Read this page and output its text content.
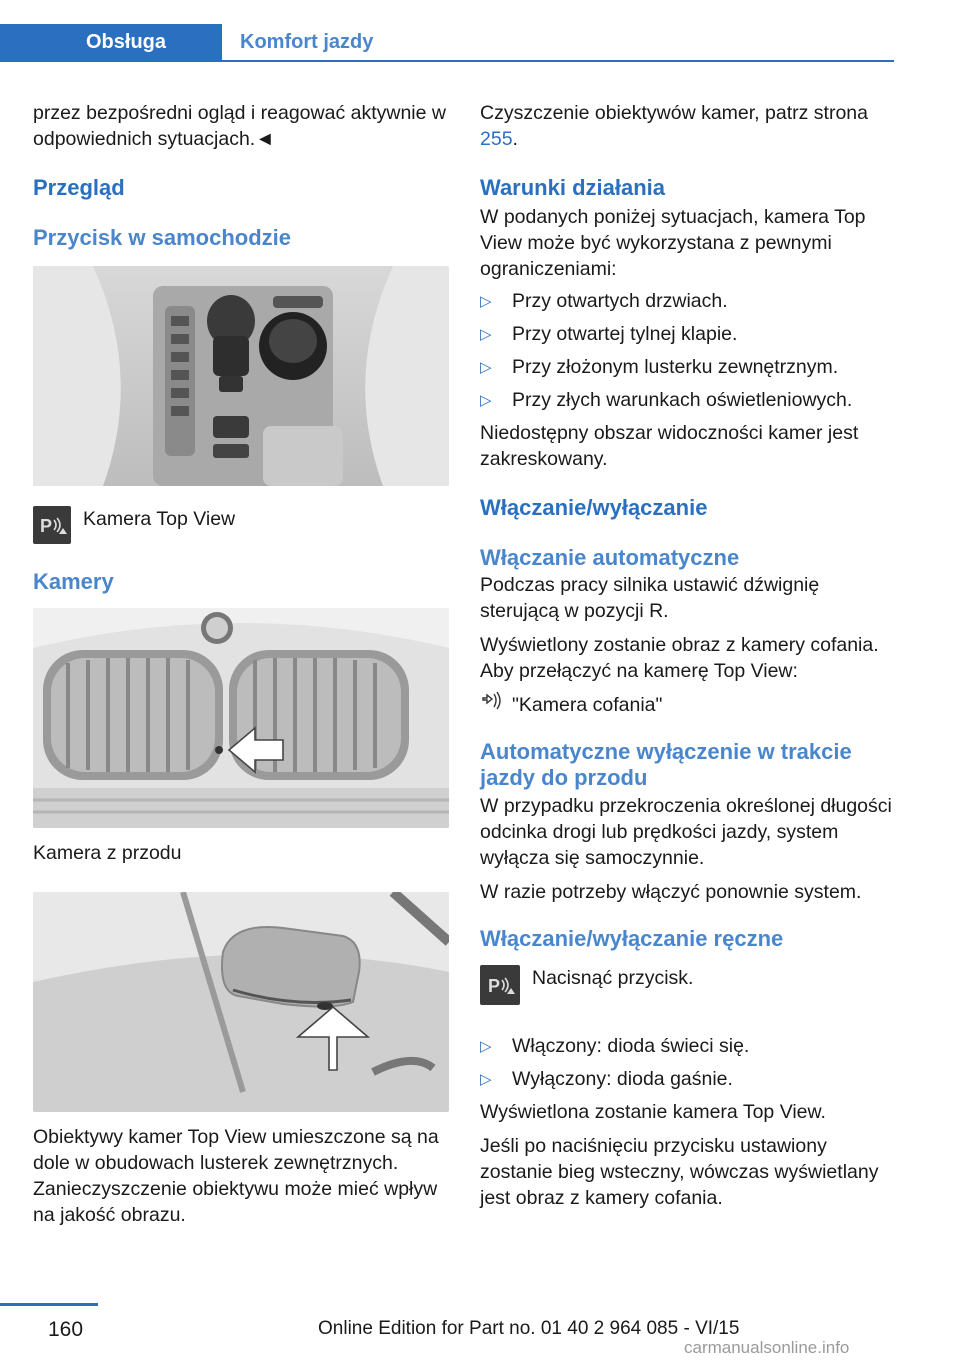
Obsługa	Komfort jazdy

przez bezpośredni ogląd i reagować aktywnie w odpowiednich sytuacjach.◄

Przegląd

Przycisk w samochodzie

P Kamera Top View

Kamery

Kamera z przodu

Obiektywy kamer Top View umieszczone są na dole w obudowach lusterek zewnętrznych. Zanieczyszczenie obiektywu może mieć wpływ na jakość obrazu.

Czyszczenie obiektywów kamer, patrz strona 255.

Warunki działania

W podanych poniżej sytuacjach, kamera Top View może być wykorzystana z pewnymi ograniczeniami:

▷	Przy otwartych drzwiach.
▷	Przy otwartej tylnej klapie.
▷	Przy złożonym lusterku zewnętrznym.
▷	Przy złych warunkach oświetleniowych.

Niedostępny obszar widoczności kamer jest zakreskowany.

Włączanie/wyłączanie

Włączanie automatyczne

Podczas pracy silnika ustawić dźwignię sterującą w pozycji R.

Wyświetlony zostanie obraz z kamery cofania. Aby przełączyć na kamerę Top View:

"Kamera cofania"

Automatyczne wyłączenie w trakcie jazdy do przodu

W przypadku przekroczenia określonej długości odcinka drogi lub prędkości jazdy, system wyłącza się samoczynnie.

W razie potrzeby włączyć ponownie system.

Włączanie/wyłączanie ręczne

P Nacisnąć przycisk.
▷	Włączony: dioda świeci się.
▷	Wyłączony: dioda gaśnie.

Wyświetlona zostanie kamera Top View.

Jeśli po naciśnięciu przycisku ustawiony zostanie bieg wsteczny, wówczas wyświetlany jest obraz z kamery cofania.

160	Online Edition for Part no. 01 40 2 964 085 - VI/15
carmanualsonline.info
